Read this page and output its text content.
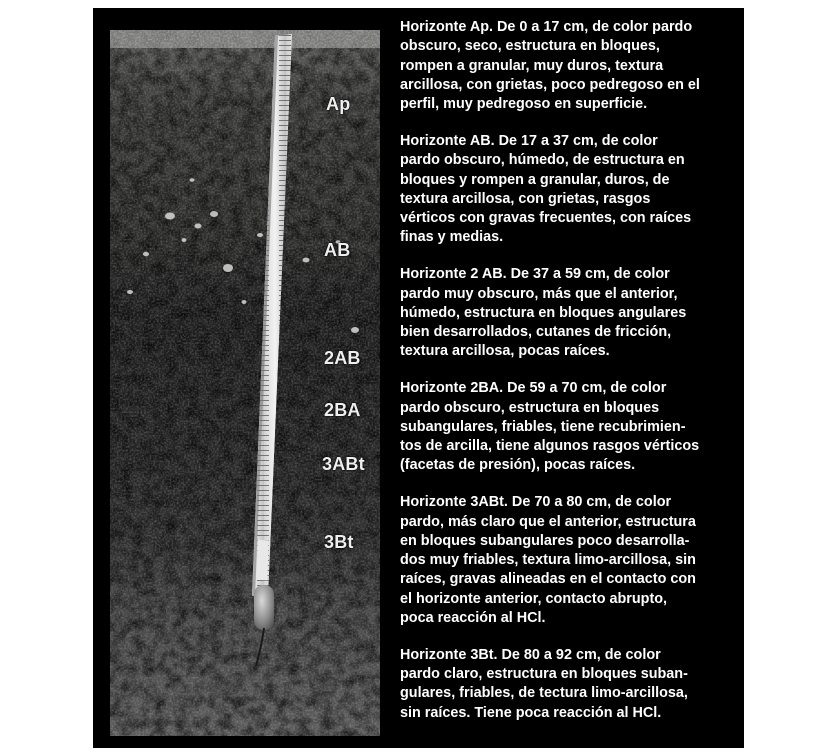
Ap
AB
2AB
2BA
3ABt
3Bt
Horizonte Ap. De 0 a 17 cm, de color pardo
obscuro, seco, estructura en bloques,
rompen a granular, muy duros, textura
arcillosa, con grietas, poco pedregoso en el
perfil, muy pedregoso en superficie.
Horizonte AB. De 17 a 37 cm, de color
pardo obscuro, húmedo, de estructura en
bloques y rompen a granular, duros, de
textura arcillosa, con grietas, rasgos
vérticos con gravas frecuentes, con raíces
finas y medias.
Horizonte 2 AB. De 37 a 59 cm, de color
pardo muy obscuro, más que el anterior,
húmedo, estructura en bloques angulares
bien desarrollados, cutanes de fricción,
textura arcillosa, pocas raíces.
Horizonte 2BA. De 59 a 70 cm, de color
pardo obscuro, estructura en bloques
subangulares, friables, tiene recubrimien-
tos de arcilla, tiene algunos rasgos vérticos
(facetas de presión), pocas raíces.
Horizonte 3ABt. De 70 a 80 cm, de color
pardo, más claro que el anterior, estructura
en bloques subangulares poco desarrolla-
dos muy friables, textura limo-arcillosa, sin
raíces, gravas alineadas en el contacto con
el horizonte anterior, contacto abrupto,
poca reacción al HCl.
Horizonte 3Bt. De 80 a 92 cm, de color
pardo claro, estructura en bloques suban-
gulares, friables, de tectura limo-arcillosa,
sin raíces. Tiene poca reacción al HCl.
